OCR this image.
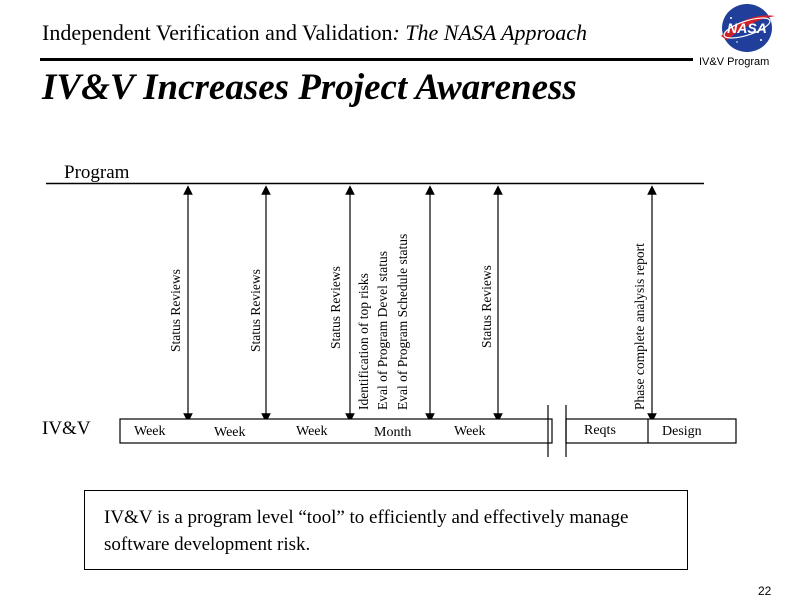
Independent Verification and Validation: The NASA Approach	NASA
IV&V Program
IV&V Increases Project Awareness
Program
IV&V
Status Reviews	Status Reviews	Status Reviews Identification of top risks Eval of Program Devel status Eval of Program Schedule status	Status Reviews	Phase complete analysis report
Week	Week	Week	Month	Week	Reqts	Design
IV&V is a program level “tool” to efficiently and effectively manage software development risk.
22
